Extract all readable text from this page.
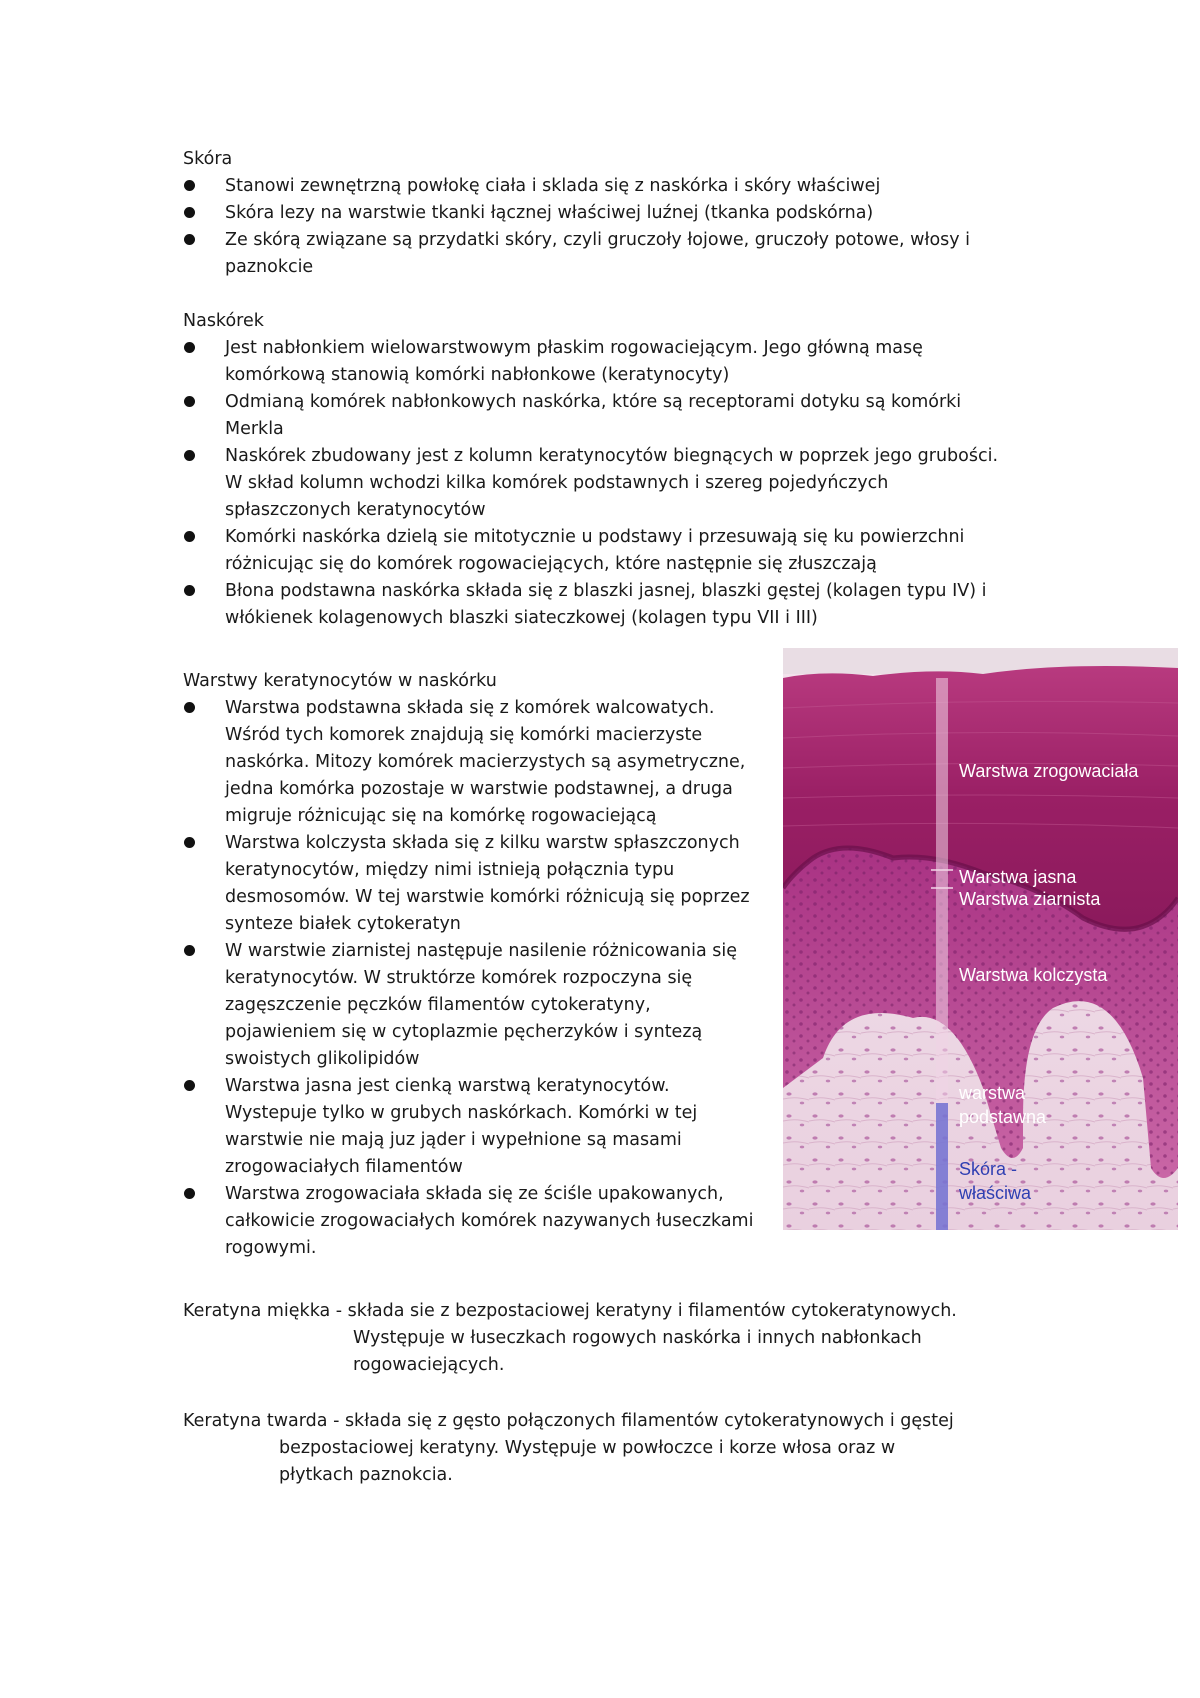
Skóra
Stanowi zewnętrzną powłokę ciała i sklada się z naskórka i skóry właściwej
Skóra lezy na warstwie tkanki łącznej właściwej luźnej (tkanka podskórna)
Ze skórą związane są przydatki skóry, czyli gruczoły łojowe, gruczoły potowe, włosy i paznokcie
Naskórek
Jest nabłonkiem wielowarstwowym płaskim rogowaciejącym. Jego główną masę komórkową stanowią komórki nabłonkowe (keratynocyty)
Odmianą komórek nabłonkowych naskórka, które są receptorami dotyku są komórki Merkla
Naskórek zbudowany jest z kolumn keratynocytów biegnących w poprzek jego grubości. W skład kolumn wchodzi kilka komórek podstawnych i szereg pojedyńczych spłaszczonych keratynocytów
Komórki naskórka dzielą sie mitotycznie u podstawy i przesuwają się ku powierzchni różnicując się do komórek rogowaciejących, które następnie się złuszczają
Błona podstawna naskórka składa się z blaszki jasnej, blaszki gęstej (kolagen typu IV) i włókienek kolagenowych blaszki siateczkowej (kolagen typu VII i III)
Warstwy keratynocytów w naskórku
Warstwa podstawna składa się z komórek walcowatych. Wśród tych komorek znajdują się komórki macierzyste naskórka. Mitozy komórek macierzystych są asymetryczne, jedna komórka pozostaje w warstwie podstawnej, a druga migruje różnicując się na komórkę rogowaciejącą
Warstwa kolczysta składa się z kilku warstw spłaszczonych keratynocytów, między nimi istnieją połącznia typu desmosomów. W tej warstwie komórki różnicują się poprzez synteze białek cytokeratyn
W warstwie ziarnistej następuje nasilenie różnicowania się keratynocytów. W struktórze komórek rozpoczyna się zagęszczenie pęczków filamentów cytokeratyny, pojawieniem się w cytoplazmie pęcherzyków i syntezą swoistych glikolipidów
Warstwa jasna jest cienką warstwą keratynocytów. Wystepuje tylko w grubych naskórkach. Komórki w tej warstwie nie mają juz jąder i wypełnione są masami zrogowaciałych filamentów
Warstwa zrogowaciała składa się ze ściśle upakowanych, całkowicie zrogowaciałych komórek nazywanych łuseczkami rogowymi.
Warstwa zrogowaciała
Warstwa jasna
Warstwa ziarnista
Warstwa kolczysta
warstwa
podstawna
Skóra -
właściwa
Keratyna miękka - składa sie z bezpostaciowej keratyny i filamentów cytokeratynowych.
Występuje w łuseczkach rogowych naskórka i innych nabłonkach
rogowaciejących.
Keratyna twarda - składa się z gęsto połączonych filamentów cytokeratynowych i gęstej
bezpostaciowej keratyny. Występuje w powłoczce i korze włosa oraz w
płytkach paznokcia.
